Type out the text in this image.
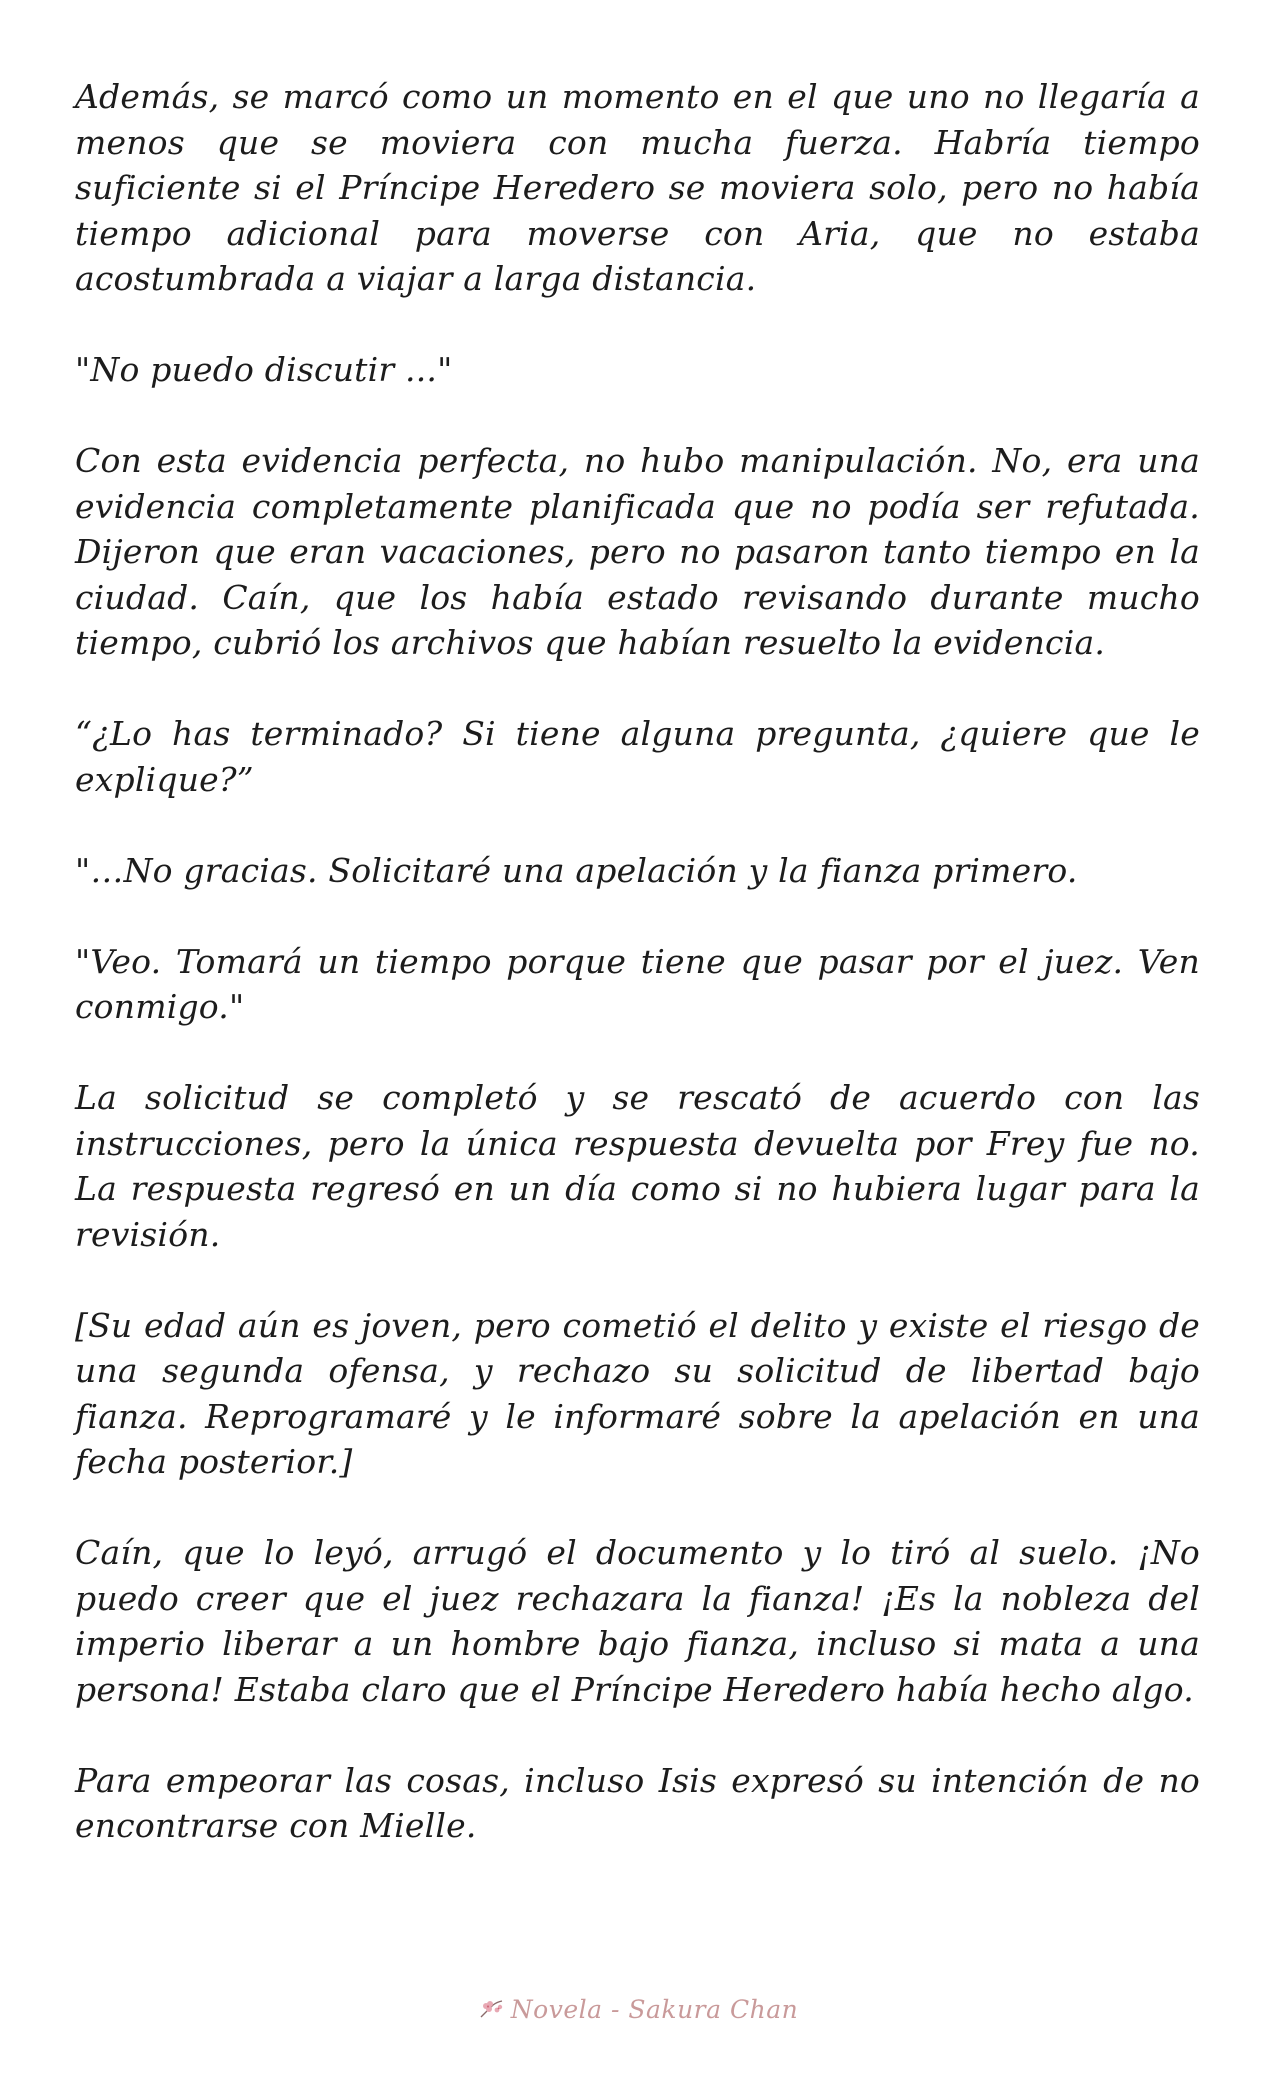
Además, se marcó como un momento en el que uno no llegaría a menos que se moviera con mucha fuerza. Habría tiempo suficiente si el Príncipe Heredero se moviera solo, pero no había tiempo adicional para moverse con Aria, que no estaba acostumbrada a viajar a larga distancia.

"No puedo discutir ..."

Con esta evidencia perfecta, no hubo manipulación. No, era una evidencia completamente planificada que no podía ser refutada. Dijeron que eran vacaciones, pero no pasaron tanto tiempo en la ciudad. Caín, que los había estado revisando durante mucho tiempo, cubrió los archivos que habían resuelto la evidencia.

“¿Lo has terminado? Si tiene alguna pregunta, ¿quiere que le explique?”

"…No gracias. Solicitaré una apelación y la fianza primero.

"Veo. Tomará un tiempo porque tiene que pasar por el juez. Ven conmigo."

La solicitud se completó y se rescató de acuerdo con las instrucciones, pero la única respuesta devuelta por Frey fue no. La respuesta regresó en un día como si no hubiera lugar para la revisión.

[Su edad aún es joven, pero cometió el delito y existe el riesgo de una segunda ofensa, y rechazo su solicitud de libertad bajo fianza. Reprogramaré y le informaré sobre la apelación en una fecha posterior.]

Caín, que lo leyó, arrugó el documento y lo tiró al suelo. ¡No puedo creer que el juez rechazara la fianza! ¡Es la nobleza del imperio liberar a un hombre bajo fianza, incluso si mata a una persona! Estaba claro que el Príncipe Heredero había hecho algo.

Para empeorar las cosas, incluso Isis expresó su intención de no encontrarse con Mielle.

Novela - Sakura Chan
